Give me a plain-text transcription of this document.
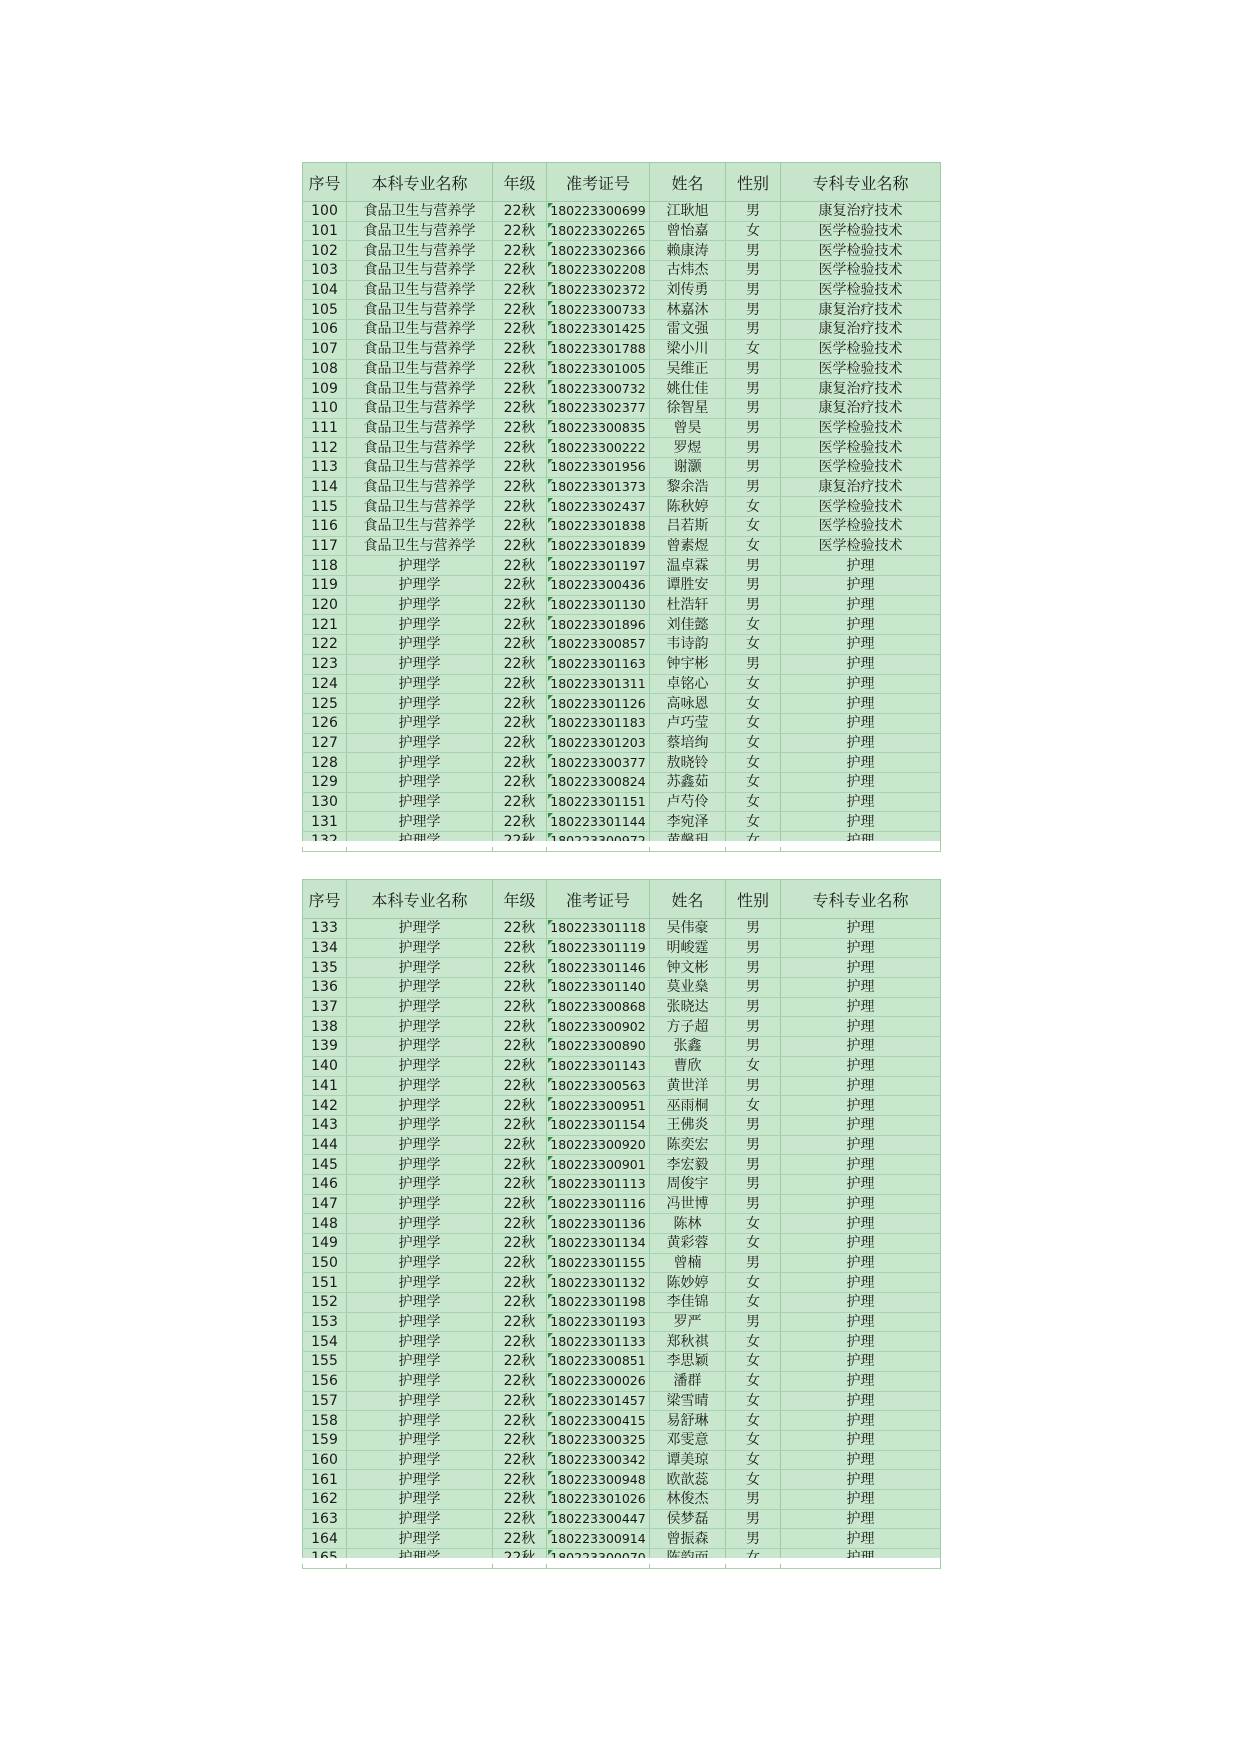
序号	本科专业名称	年级	准考证号	姓名	性别	专科专业名称
100	食品卫生与营养学	22秋	180223300699	江耿旭	男	康复治疗技术
101	食品卫生与营养学	22秋	180223302265	曾怡嘉	女	医学检验技术
102	食品卫生与营养学	22秋	180223302366	赖康涛	男	医学检验技术
103	食品卫生与营养学	22秋	180223302208	古炜杰	男	医学检验技术
104	食品卫生与营养学	22秋	180223302372	刘传勇	男	医学检验技术
105	食品卫生与营养学	22秋	180223300733	林嘉沐	男	康复治疗技术
106	食品卫生与营养学	22秋	180223301425	雷文强	男	康复治疗技术
107	食品卫生与营养学	22秋	180223301788	梁小川	女	医学检验技术
108	食品卫生与营养学	22秋	180223301005	吴维正	男	医学检验技术
109	食品卫生与营养学	22秋	180223300732	姚仕佳	男	康复治疗技术
110	食品卫生与营养学	22秋	180223302377	徐智星	男	康复治疗技术
111	食品卫生与营养学	22秋	180223300835	曾昊	男	医学检验技术
112	食品卫生与营养学	22秋	180223300222	罗煜	男	医学检验技术
113	食品卫生与营养学	22秋	180223301956	谢灏	男	医学检验技术
114	食品卫生与营养学	22秋	180223301373	黎余浩	男	康复治疗技术
115	食品卫生与营养学	22秋	180223302437	陈秋婷	女	医学检验技术
116	食品卫生与营养学	22秋	180223301838	吕若斯	女	医学检验技术
117	食品卫生与营养学	22秋	180223301839	曾素煜	女	医学检验技术
118	护理学	22秋	180223301197	温卓霖	男	护理
119	护理学	22秋	180223300436	谭胜安	男	护理
120	护理学	22秋	180223301130	杜浩轩	男	护理
121	护理学	22秋	180223301896	刘佳懿	女	护理
122	护理学	22秋	180223300857	韦诗韵	女	护理
123	护理学	22秋	180223301163	钟宇彬	男	护理
124	护理学	22秋	180223301311	卓铭心	女	护理
125	护理学	22秋	180223301126	高咏恩	女	护理
126	护理学	22秋	180223301183	卢巧莹	女	护理
127	护理学	22秋	180223301203	蔡培绚	女	护理
128	护理学	22秋	180223300377	敖晓铃	女	护理
129	护理学	22秋	180223300824	苏鑫茹	女	护理
130	护理学	22秋	180223301151	卢芍伶	女	护理
131	护理学	22秋	180223301144	李宛泽	女	护理

序号	本科专业名称	年级	准考证号	姓名	性别	专科专业名称
133	护理学	22秋	180223301118	吴伟豪	男	护理
134	护理学	22秋	180223301119	明峻霆	男	护理
135	护理学	22秋	180223301146	钟文彬	男	护理
136	护理学	22秋	180223301140	莫业燊	男	护理
137	护理学	22秋	180223300868	张晓达	男	护理
138	护理学	22秋	180223300902	方子超	男	护理
139	护理学	22秋	180223300890	张鑫	男	护理
140	护理学	22秋	180223301143	曹欣	女	护理
141	护理学	22秋	180223300563	黄世洋	男	护理
142	护理学	22秋	180223300951	巫雨桐	女	护理
143	护理学	22秋	180223301154	王佛炎	男	护理
144	护理学	22秋	180223300920	陈奕宏	男	护理
145	护理学	22秋	180223300901	李宏毅	男	护理
146	护理学	22秋	180223301113	周俊宇	男	护理
147	护理学	22秋	180223301116	冯世博	男	护理
148	护理学	22秋	180223301136	陈林	女	护理
149	护理学	22秋	180223301134	黄彩蓉	女	护理
150	护理学	22秋	180223301155	曾楠	男	护理
151	护理学	22秋	180223301132	陈妙婷	女	护理
152	护理学	22秋	180223301198	李佳锦	女	护理
153	护理学	22秋	180223301193	罗严	男	护理
154	护理学	22秋	180223301133	郑秋祺	女	护理
155	护理学	22秋	180223300851	李思颖	女	护理
156	护理学	22秋	180223300026	潘群	女	护理
157	护理学	22秋	180223301457	梁雪晴	女	护理
158	护理学	22秋	180223300415	易舒琳	女	护理
159	护理学	22秋	180223300325	邓雯意	女	护理
160	护理学	22秋	180223300342	谭美琼	女	护理
161	护理学	22秋	180223300948	欧歆蕊	女	护理
162	护理学	22秋	180223301026	林俊杰	男	护理
163	护理学	22秋	180223300447	侯梦磊	男	护理
164	护理学	22秋	180223300914	曾振森	男	护理
